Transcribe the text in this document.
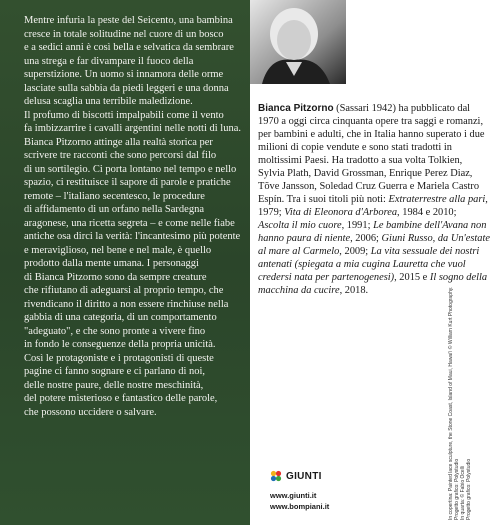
Mentre infuria la peste del Seicento, una bambina

cresce in totale solitudine nel cuore di un bosco

e a sedici anni è così bella e selvatica da sembrare

una strega e far divampare il fuoco della

superstizione. Un uomo si innamora delle orme

lasciate sulla sabbia da piedi leggeri e una donna

delusa scaglia una terribile maledizione.

Il profumo di biscotti impalpabili come il vento

fa imbizzarrire i cavalli argentini nelle notti di luna.

Bianca Pitzorno attinge alla realtà storica per

scrivere tre racconti che sono percorsi dal filo

di un sortilegio. Ci porta lontano nel tempo e nello

spazio, ci restituisce il sapore di parole e pratiche

remote – l'italiano secentesco, le procedure

di affidamento di un orfano nella Sardegna

aragonese, una ricetta segreta – e come nelle fiabe

antiche osa dirci la verità: l'incantesimo più potente

e meraviglioso, nel bene e nel male, è quello

prodotto dalla mente umana. I personaggi

di Bianca Pitzorno sono da sempre creature

che rifiutano di adeguarsi al proprio tempo, che

rivendicano il diritto a non essere rinchiuse nella

gabbia di una categoria, di un comportamento

"adeguato", e che sono pronte a vivere fino

in fondo le conseguenze della propria unicità.

Così le protagoniste e i protagonisti di queste

pagine ci fanno sognare e ci parlano di noi,

delle nostre paure, delle nostre meschinità,

del potere misterioso e fantastico delle parole,

che possono uccidere o salvare.

Bianca Pitzorno (Sassari 1942) ha pubblicato dal 1970 a oggi circa cinquanta opere tra saggi e romanzi, per bambini e adulti, che in Italia hanno superato i due milioni di copie vendute e sono stati tradotti in moltissimi Paesi. Ha tradotto a sua volta Tolkien, Sylvia Plath, David Grossman, Enrique Perez Diaz, Tõve Jansson, Soledad Cruz Guerra e Mariela Castro Espín. Tra i suoi titoli più noti: Extraterrestre alla pari, 1979; Vita di Eleonora d'Arborea, 1984 e 2010; Ascolta il mio cuore, 1991; Le bambine dell'Avana non hanno paura di niente, 2006; Giuni Russo, da Un'estate al mare al Carmelo, 2009; La vita sessuale dei nostri antenati (spiegata a mia cugina Lauretta che vuol credersi nata per partenogenesi), 2015 e Il sogno della macchina da cucire, 2018.
GIUNTI
www.giunti.it
www.bompiani.it	In copertina: Painted lace sculpture, the Stone Coast, Island of Maui, Hawai'i © William Kurt Photography. Progetto grafico: Polystudio In quarta: © Fabio Ocelli Progetto grafico: Polystudio
